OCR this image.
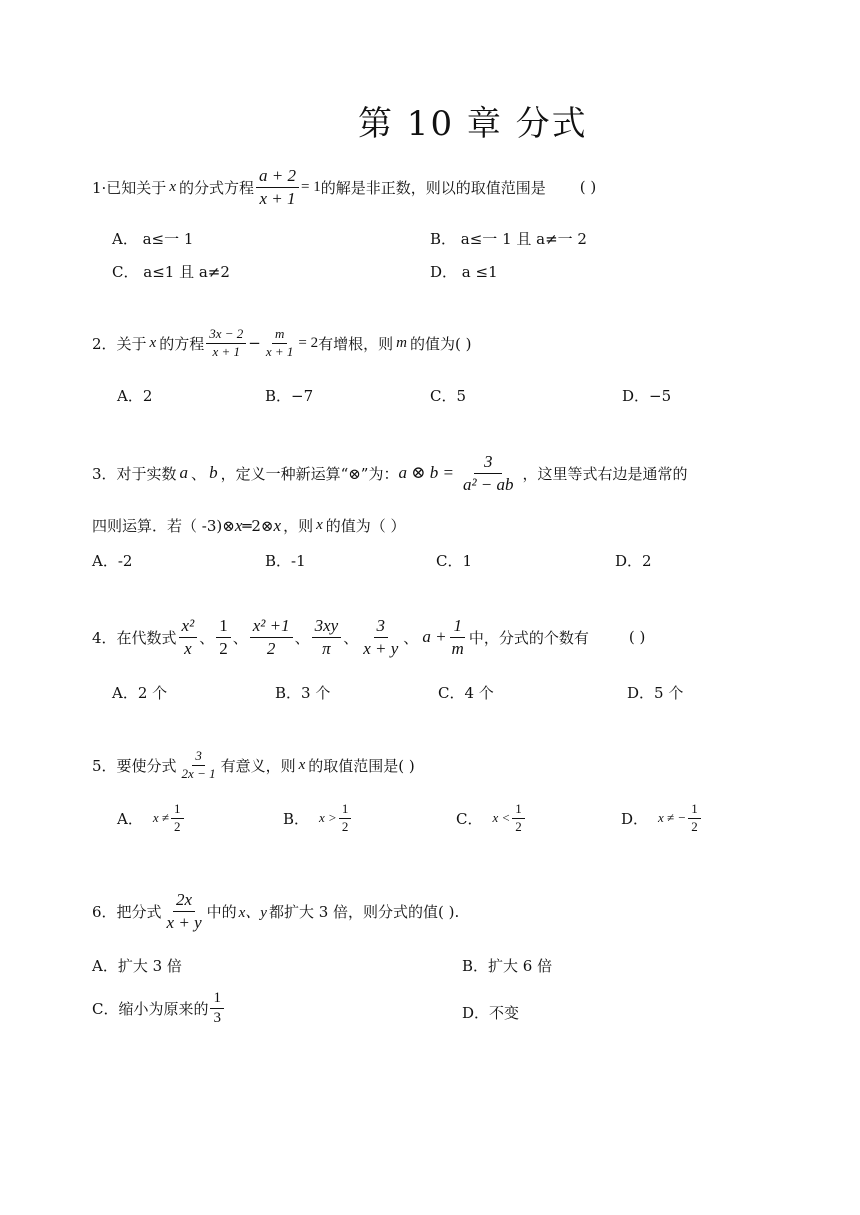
第 10 章 分式
1·已知关于 x 的分式方程 $\frac{a + 2}{x + 1} = 1$ 的解是非正数，则以的取值范围是 ( )
A． a≤一 1	B． a≤一 1 且 a≠一 2
C． a≤1 且 a≠2	D． a ≤1
2．关于 x 的方程 $\frac{3x - 2}{x + 1} - \frac{m}{x + 1} = 2$ 有增根，则 m 的值为( )
A．2	B．−7	C．5	D．−5
3．对于实数 a 、 b ，定义一种新运算“⊗”为： a ⊗ $b = \frac{3}{\text{a² − ab}}$ ，这里等式右边是通常的
四则运算．若（ -3)⊗ x ═2⊗ x ，则 x 的值为（ ）
A．-2	B．-1	C．1	D．2
4．在代数式 $\frac{\text{x²}}{x}$ 、 $\frac{1}{2}$ 、 $\frac{\text{x² +1}}{2}$ 、 $\frac{3xy}{\pi}$ 、 $\frac{3}{x + y}$ 、 $a + \frac{1}{m}$ 中，分式的个数有	( )
A．2 个	B．3 个	C．4 个	D．5 个
5．要使分式 $\frac{3}{2x - 1}$ 有意义，则 x 的取值范围是( )
A． $x \ne \frac{1}{2}$	B． $x > \frac{1}{2}$	C． $x < \frac{1}{2}$	D． x ≠ − $\frac{1}{2}$
6．把分式 $\frac{2x}{x + y}$ 中的 x、y 都扩大 3 倍，则分式的值( ).
A．扩大 3 倍	B．扩大 6 倍
C．缩小为原来的 $\frac{1}{3}$	D．不变
